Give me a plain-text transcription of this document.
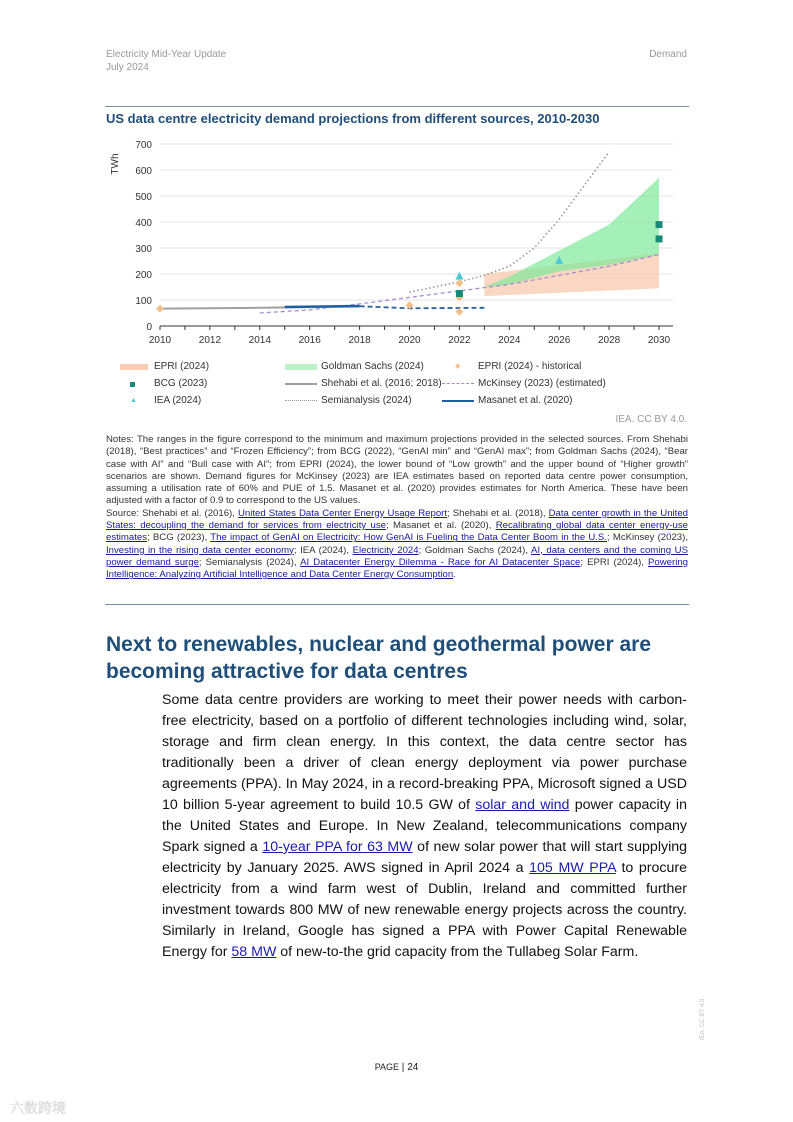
Electricity Mid-Year Update
July 2024
Demand
US data centre electricity demand projections from different sources, 2010-2030
0
100
200
300
400
500
600
700
2010	2012	2014	2016	2018	2020	2022	2024	2026	2028	2030
TWh
EPRI (2024)
BCG (2023)
▲ IEA (2024)
Goldman Sachs (2024)
Shehabi et al. (2016; 2018)
Semianalysis (2024)
◆ EPRI (2024) - historical
McKinsey (2023) (estimated)
Masanet et al. (2020)
IEA. CC BY 4.0.
Notes: The ranges in the figure correspond to the minimum and maximum projections provided in the selected sources. From Shehabi (2018), “Best practices” and “Frozen Efficiency”; from BCG (2022), “GenAI min” and “GenAI max”; from Goldman Sachs (2024), “Bear case with AI” and “Bull case with AI”; from EPRI (2024), the lower bound of “Low growth” and the upper bound of “Higher growth” scenarios are shown. Demand figures for McKinsey (2023) are IEA estimates based on reported data centre power consumption, assuming a utilisation rate of 60% and PUE of 1.5. Masanet et al. (2020) provides estimates for North America. These have been adjusted with a factor of 0.9 to correspond to the US values.
Source: Shehabi et al. (2016), United States Data Center Energy Usage Report; Shehabi et al. (2018), Data center growth in the United States: decoupling the demand for services from electricity use; Masanet et al. (2020), Recalibrating global data center energy-use estimates; BCG (2023), The impact of GenAI on Electricity: How GenAI is Fueling the Data Center Boom in the U.S.; McKinsey (2023), Investing in the rising data center economy; IEA (2024), Electricity 2024; Goldman Sachs (2024), AI, data centers and the coming US power demand surge; Semianalysis (2024), AI Datacenter Energy Dilemma - Race for AI Datacenter Space; EPRI (2024), Powering Intelligence: Analyzing Artificial Intelligence and Data Center Energy Consumption.
Next to renewables, nuclear and geothermal power are becoming attractive for data centres
Some data centre providers are working to meet their power needs with carbon-free electricity, based on a portfolio of different technologies including wind, solar, storage and firm clean energy. In this context, the data centre sector has traditionally been a driver of clean energy deployment via power purchase agreements (PPA). In May 2024, in a record-breaking PPA, Microsoft signed a USD 10 billion 5-year agreement to build 10.5 GW of solar and wind power capacity in the United States and Europe. In New Zealand, telecommunications company Spark signed a 10-year PPA for 63 MW of new solar power that will start supplying electricity by January 2025. AWS signed in April 2024 a 105 MW PPA to procure electricity from a wind farm west of Dublin, Ireland and committed further investment towards 800 MW of new renewable energy projects across the country. Similarly in Ireland, Google has signed a PPA with Power Capital Renewable Energy for 58 MW of new-to-the grid capacity from the Tullabeg Solar Farm.
PAGE | 24
IEA. CC BY 4.0.
六数跨境
